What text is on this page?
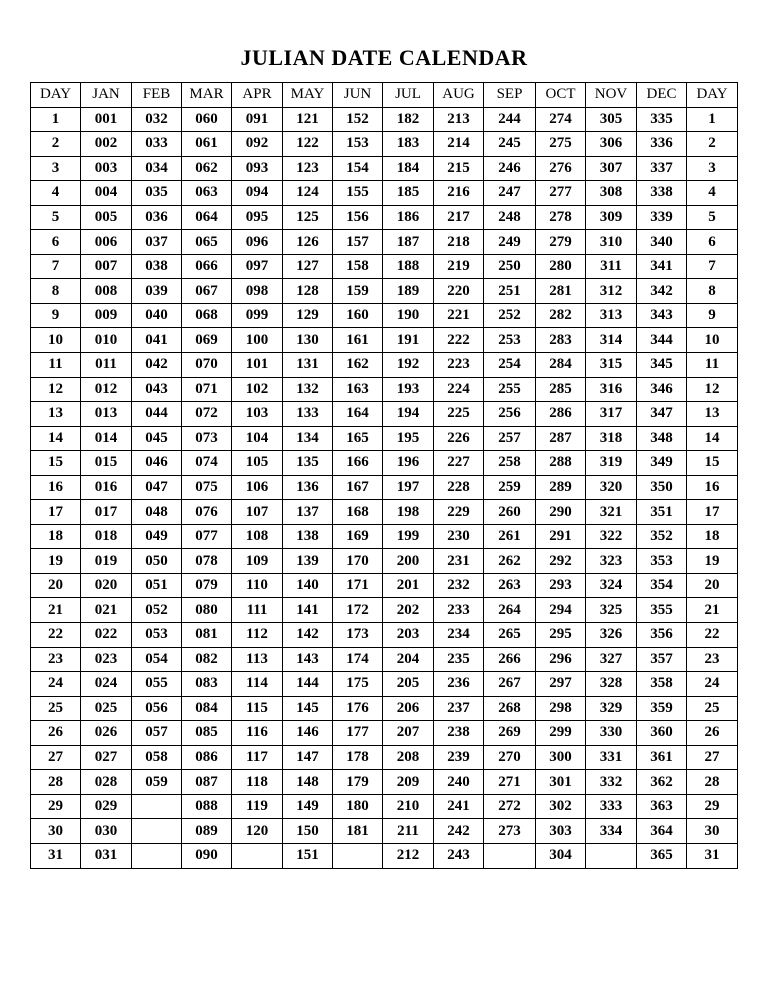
JULIAN DATE CALENDAR
DAY	JAN	FEB	MAR	APR	MAY	JUN	JUL	AUG	SEP	OCT	NOV	DEC	DAY
1	001	032	060	091	121	152	182	213	244	274	305	335	1
2	002	033	061	092	122	153	183	214	245	275	306	336	2
3	003	034	062	093	123	154	184	215	246	276	307	337	3
4	004	035	063	094	124	155	185	216	247	277	308	338	4
5	005	036	064	095	125	156	186	217	248	278	309	339	5
6	006	037	065	096	126	157	187	218	249	279	310	340	6
7	007	038	066	097	127	158	188	219	250	280	311	341	7
8	008	039	067	098	128	159	189	220	251	281	312	342	8
9	009	040	068	099	129	160	190	221	252	282	313	343	9
10	010	041	069	100	130	161	191	222	253	283	314	344	10
11	011	042	070	101	131	162	192	223	254	284	315	345	11
12	012	043	071	102	132	163	193	224	255	285	316	346	12
13	013	044	072	103	133	164	194	225	256	286	317	347	13
14	014	045	073	104	134	165	195	226	257	287	318	348	14
15	015	046	074	105	135	166	196	227	258	288	319	349	15
16	016	047	075	106	136	167	197	228	259	289	320	350	16
17	017	048	076	107	137	168	198	229	260	290	321	351	17
18	018	049	077	108	138	169	199	230	261	291	322	352	18
19	019	050	078	109	139	170	200	231	262	292	323	353	19
20	020	051	079	110	140	171	201	232	263	293	324	354	20
21	021	052	080	111	141	172	202	233	264	294	325	355	21
22	022	053	081	112	142	173	203	234	265	295	326	356	22
23	023	054	082	113	143	174	204	235	266	296	327	357	23
24	024	055	083	114	144	175	205	236	267	297	328	358	24
25	025	056	084	115	145	176	206	237	268	298	329	359	25
26	026	057	085	116	146	177	207	238	269	299	330	360	26
27	027	058	086	117	147	178	208	239	270	300	331	361	27
28	028	059	087	118	148	179	209	240	271	301	332	362	28
29	029		088	119	149	180	210	241	272	302	333	363	29
30	030		089	120	150	181	211	242	273	303	334	364	30
31	031		090		151		212	243		304		365	31
